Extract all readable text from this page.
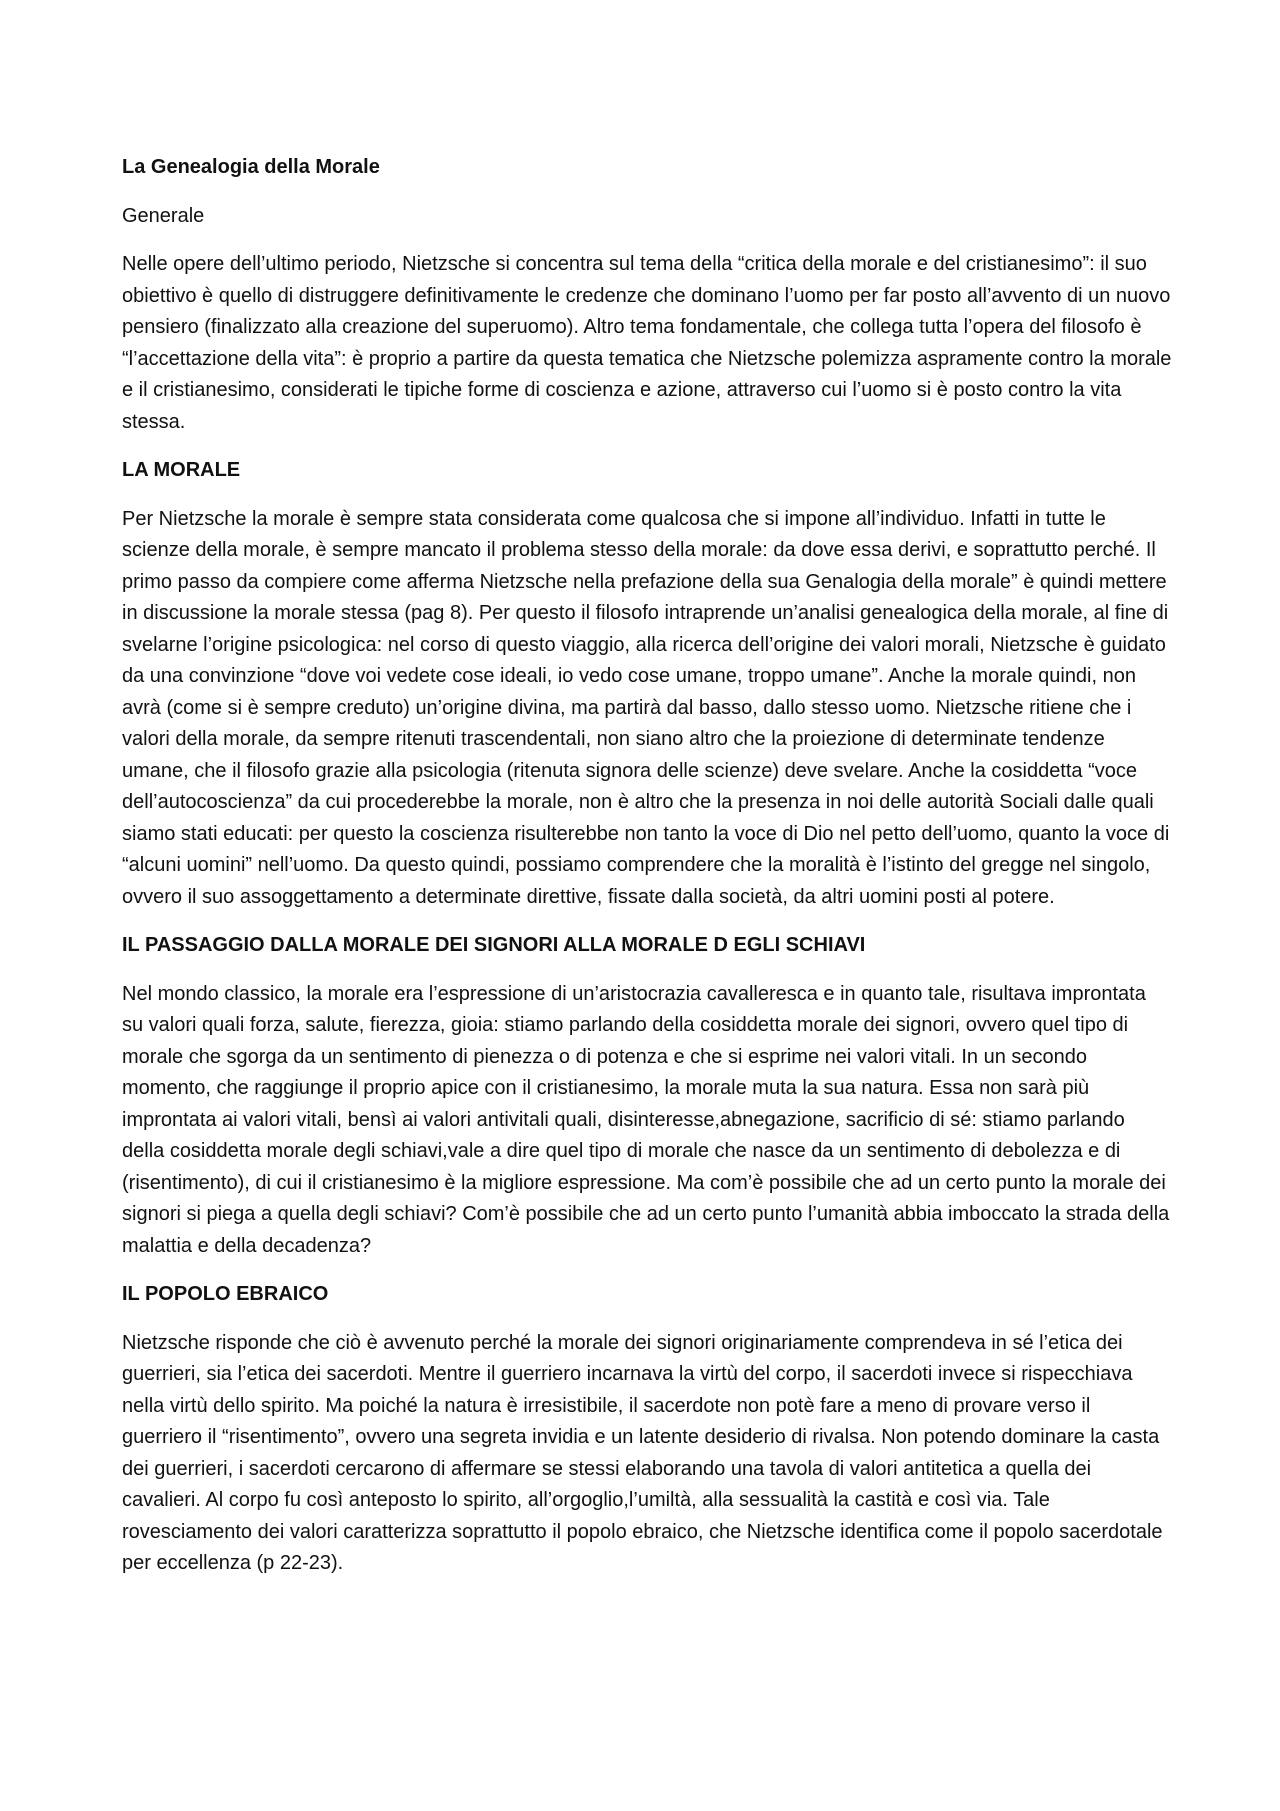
La Genealogia della Morale

Generale

Nelle opere dell’ultimo periodo, Nietzsche si concentra sul tema della “critica della morale e del cristianesimo”: il suo obiettivo è quello di distruggere definitivamente le credenze che dominano l’uomo per far posto all’avvento di un nuovo pensiero (finalizzato alla creazione del superuomo). Altro tema fondamentale, che collega tutta l’opera del filosofo è “l’accettazione della vita”: è proprio a partire da questa tematica che Nietzsche polemizza aspramente contro la morale e il cristianesimo, considerati le tipiche forme di coscienza e azione, attraverso cui l’uomo si è posto contro la vita stessa.

LA MORALE

Per Nietzsche la morale è sempre stata considerata come qualcosa che si impone all’individuo. Infatti in tutte le scienze della morale, è sempre mancato il problema stesso della morale: da dove essa derivi, e soprattutto perché. Il primo passo da compiere come afferma Nietzsche nella prefazione della sua Genalogia della morale” è quindi mettere in discussione la morale stessa (pag 8). Per questo il filosofo intraprende un’analisi genealogica della morale, al fine di svelarne l’origine psicologica: nel corso di questo viaggio, alla ricerca dell’origine dei valori morali, Nietzsche è guidato da una convinzione “dove voi vedete cose ideali, io vedo cose umane, troppo umane”. Anche la morale quindi, non avrà (come si è sempre creduto) un’origine divina, ma partirà dal basso, dallo stesso uomo. Nietzsche ritiene che i valori della morale, da sempre ritenuti trascendentali, non siano altro che la proiezione di determinate tendenze umane, che il filosofo grazie alla psicologia (ritenuta signora delle scienze) deve svelare. Anche la cosiddetta “voce dell’autocoscienza” da cui procederebbe la morale, non è altro che la presenza in noi delle autorità Sociali dalle quali siamo stati educati: per questo la coscienza risulterebbe non tanto la voce di Dio nel petto dell’uomo, quanto la voce di “alcuni uomini” nell’uomo. Da questo quindi, possiamo comprendere che la moralità è l’istinto del gregge nel singolo, ovvero il suo assoggettamento a determinate direttive, fissate dalla società, da altri uomini posti al potere.

IL PASSAGGIO DALLA MORALE DEI SIGNORI ALLA MORALE D EGLI SCHIAVI

Nel mondo classico, la morale era l’espressione di un’aristocrazia cavalleresca e in quanto tale, risultava improntata su valori quali forza, salute, fierezza, gioia: stiamo parlando della cosiddetta morale dei signori, ovvero quel tipo di morale che sgorga da un sentimento di pienezza o di potenza e che si esprime nei valori vitali. In un secondo momento, che raggiunge il proprio apice con il cristianesimo, la morale muta la sua natura. Essa non sarà più improntata ai valori vitali, bensì ai valori antivitali quali, disinteresse,abnegazione, sacrificio di sé: stiamo parlando della cosiddetta morale degli schiavi,vale a dire quel tipo di morale che nasce da un sentimento di debolezza e di (risentimento), di cui il cristianesimo è la migliore espressione. Ma com’è possibile che ad un certo punto la morale dei signori si piega a quella degli schiavi? Com’è possibile che ad un certo punto l’umanità abbia imboccato la strada della malattia e della decadenza?

IL POPOLO EBRAICO

Nietzsche risponde che ciò è avvenuto perché la morale dei signori originariamente comprendeva in sé l’etica dei guerrieri, sia l’etica dei sacerdoti. Mentre il guerriero incarnava la virtù del corpo, il sacerdoti invece si rispecchiava nella virtù dello spirito. Ma poiché la natura è irresistibile, il sacerdote non potè fare a meno di provare verso il guerriero il “risentimento”, ovvero una segreta invidia e un latente desiderio di rivalsa. Non potendo dominare la casta dei guerrieri, i sacerdoti cercarono di affermare se stessi elaborando una tavola di valori antitetica a quella dei cavalieri. Al corpo fu così anteposto lo spirito, all’orgoglio,l’umiltà, alla sessualità la castità e così via. Tale rovesciamento dei valori caratterizza soprattutto il popolo ebraico, che Nietzsche identifica come il popolo sacerdotale per eccellenza (p 22-23).
